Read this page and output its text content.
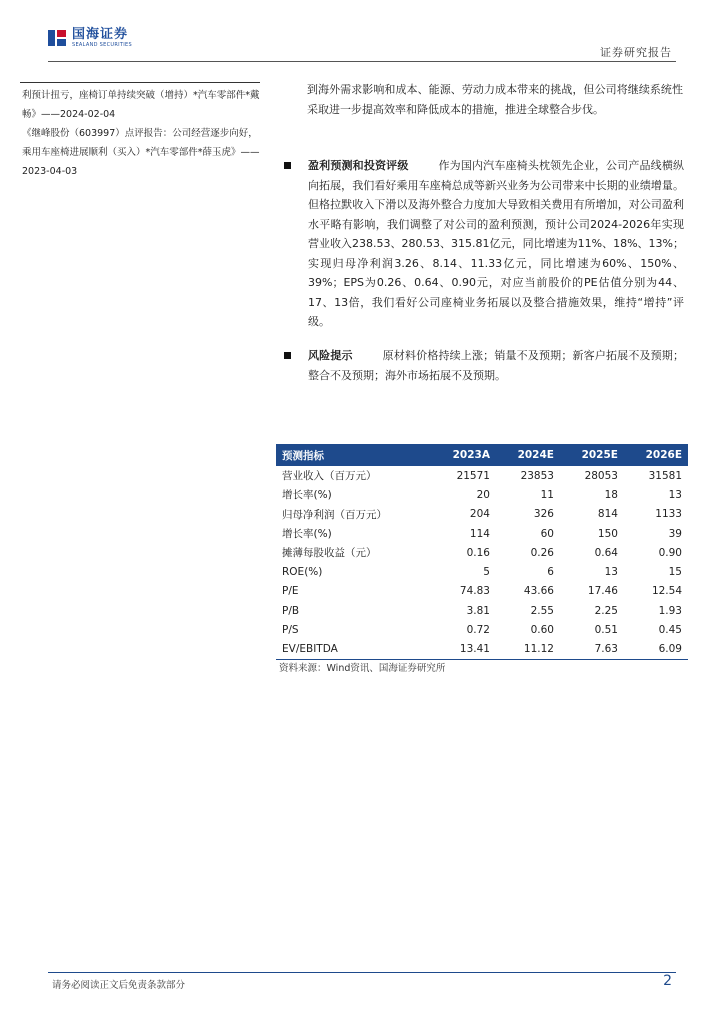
国海证券
SEALAND SECURITIES
证券研究报告

利预计扭亏，座椅订单持续突破（增持）*汽车零部件*戴畅》——2024-02-04

《继峰股份（603997）点评报告：公司经营逐步向好，乘用车座椅进展顺利（买入）*汽车零部件*薛玉虎》——2023-04-03

到海外需求影响和成本、能源、劳动力成本带来的挑战，但公司将继续系统性采取进一步提高效率和降低成本的措施，推进全球整合步伐。
盈利预测和投资评级	作为国内汽车座椅头枕领先企业，公司产品线横纵向拓展，我们看好乘用车座椅总成等新兴业务为公司带来中长期的业绩增量。但格拉默收入下滑以及海外整合力度加大导致相关费用有所增加，对公司盈利水平略有影响，我们调整了对公司的盈利预测，预计公司2024-2026年实现营业收入238.53、280.53、315.81亿元，同比增速为11%、18%、13%；实现归母净利润3.26、8.14、11.33亿元，同比增速为60%、150%、39%；EPS为0.26、0.64、0.90元，对应当前股价的PE估值分别为44、17、13倍，我们看好公司座椅业务拓展以及整合措施效果，维持“增持”评级。
风险提示	原材料价格持续上涨；销量不及预期；新客户拓展不及预期；整合不及预期；海外市场拓展不及预期。
预测指标	2023A	2024E	2025E	2026E
营业收入（百万元）	21571	23853	28053	31581
增长率(%)	20	11	18	13
归母净利润（百万元）	204	326	814	1133
增长率(%)	114	60	150	39
摊薄每股收益（元）	0.16	0.26	0.64	0.90
ROE(%)	5	6	13	15
P/E	74.83	43.66	17.46	12.54
P/B	3.81	2.55	2.25	1.93
P/S	0.72	0.60	0.51	0.45
EV/EBITDA	13.41	11.12	7.63	6.09
资料来源：Wind资讯、国海证券研究所
请务必阅读正文后免责条款部分	2
